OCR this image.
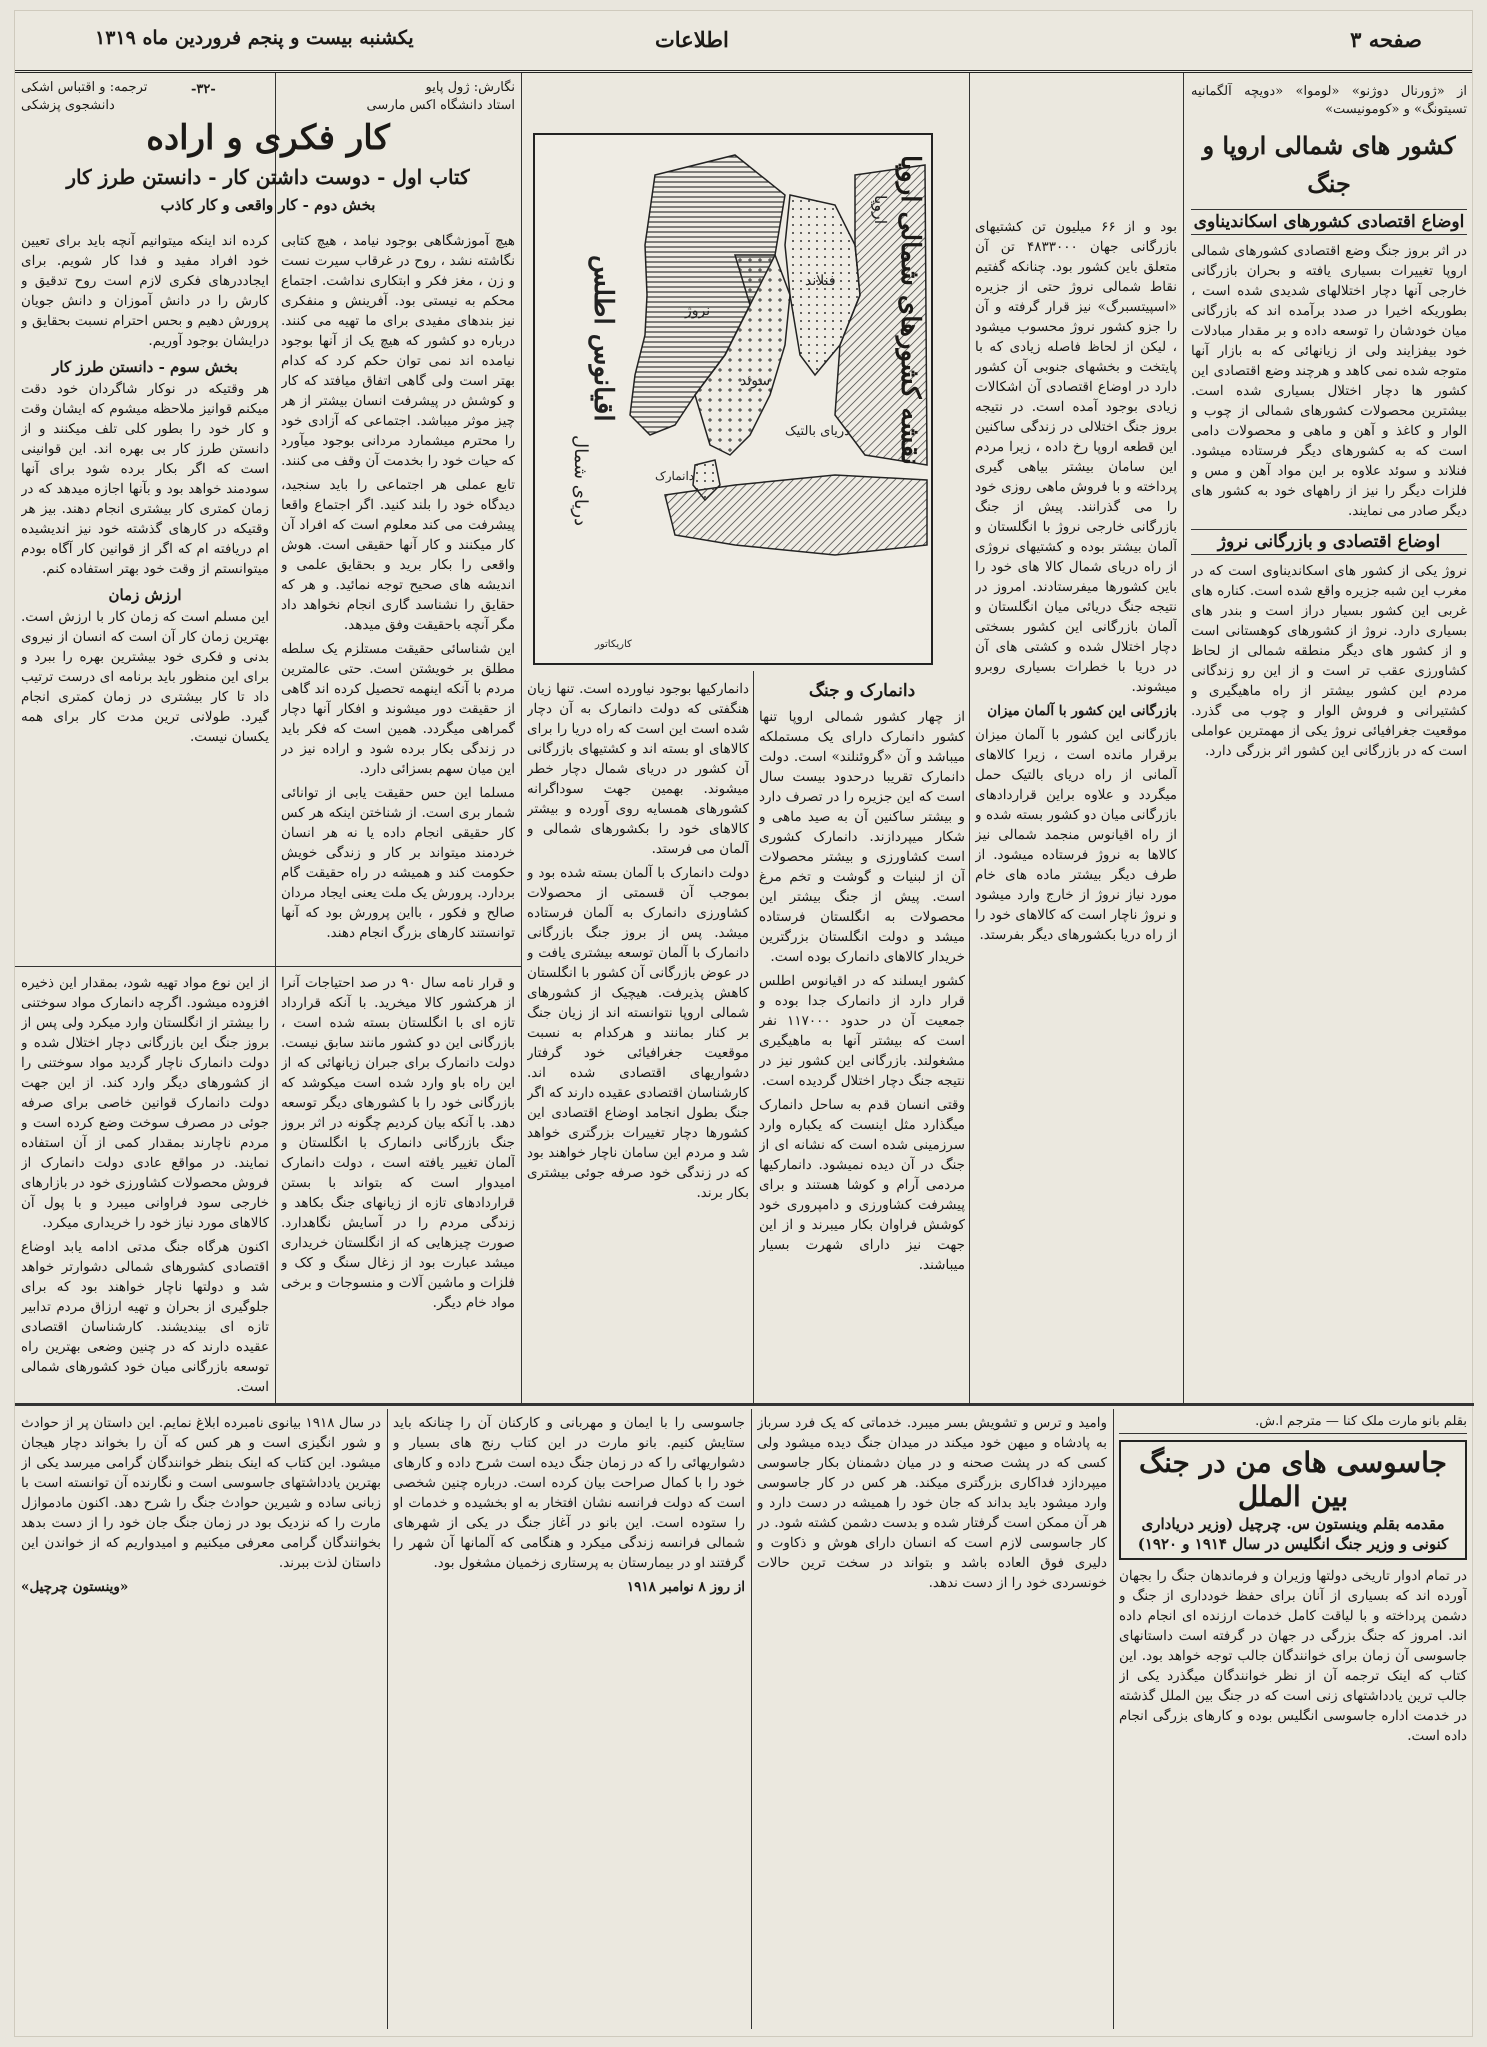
صفحه ۳
اطلاعات
یکشنبه بیست و پنجم فروردین ماه ۱۳۱۹
از «ژورنال دوژنو» «لوموا» «دویچه آلگمانیه تسیتونگ» و «کومونیست»
کشور های شمالی اروپا و جنگ
اوضاع اقتصادی کشورهای اسکاندیناوی

در اثر بروز جنگ وضع اقتصادی کشورهای شمالی اروپا تغییرات بسیاری یافته و بحران بازرگانی خارجی آنها دچار اختلالهای شدیدی شده است ، بطوریکه اخیرا در صدد برآمده اند که بازرگانی میان خودشان را توسعه داده و بر مقدار مبادلات خود بیفزایند ولی از زیانهائی که به بازار آنها متوجه شده نمی کاهد و هرچند وضع اقتصادی این کشور ها دچار اختلال بسیاری شده است. بیشترین محصولات کشورهای شمالی از چوب و الوار و کاغذ و آهن و ماهی و محصولات دامی است که به کشورهای دیگر فرستاده میشود. فنلاند و سوئد علاوه بر این مواد آهن و مس و فلزات دیگر را نیز از راههای خود به کشور های دیگر صادر می نمایند.

اوضاع اقتصادی و بازرگانی نروژ

نروژ یکی از کشور های اسکاندیناوی است که در مغرب این شبه جزیره واقع شده است. کناره های غربی این کشور بسیار دراز است و بندر های بسیاری دارد. نروژ از کشورهای کوهستانی است و از کشور های دیگر منطقه شمالی از لحاظ کشاورزی عقب تر است و از این رو زندگانی مردم این کشور بیشتر از راه ماهیگیری و کشتیرانی و فروش الوار و چوب می گذرد. موقعیت جغرافیائی نروژ یکی از مهمترین عواملی است که در بازرگانی این کشور اثر بزرگی دارد.

بود و از ۶۶ میلیون تن کشتیهای بازرگانی جهان ۴۸۳۳۰۰۰ تن آن متعلق باین کشور بود. چنانکه گفتیم نقاط شمالی نروژ حتی از جزیره «اسپیتسبرگ» نیز قرار گرفته و آن را جزو کشور نروژ محسوب میشود ، لیکن از لحاظ فاصله زیادی که با پایتخت و بخشهای جنوبی آن کشور دارد در اوضاع اقتصادی آن اشکالات زیادی بوجود آمده است. در نتیجه بروز جنگ اختلالی در زندگی ساکنین این قطعه اروپا رخ داده ، زیرا مردم این سامان بیشتر بیاهی گیری پرداخته و با فروش ماهی روزی خود را می گذرانند. پیش از جنگ بازرگانی خارجی نروژ با انگلستان و آلمان بیشتر بوده و کشتیهای نروژی از راه دریای شمال کالا های خود را باین کشورها میفرستادند. امروز در نتیجه جنگ دریائی میان انگلستان و آلمان بازرگانی این کشور بسختی دچار اختلال شده و کشتی های آن در دریا با خطرات بسیاری روبرو میشوند.

بازرگانی این کشور با آلمان میزان

بازرگانی این کشور با آلمان میزان برقرار مانده است ، زیرا کالاهای آلمانی از راه دریای بالتیک حمل میگردد و علاوه براین قراردادهای بازرگانی میان دو کشور بسته شده و از راه اقیانوس منجمد شمالی نیز کالاها به نروژ فرستاده میشود. از طرف دیگر بیشتر ماده های خام مورد نیاز نروژ از خارج وارد میشود و نروژ ناچار است که کالاهای خود را از راه دریا بکشورهای دیگر بفرستد.

اقیانوس اطلس
دریای شمال
نروژ
سوئد
فنلاند
دریای بالتیک
دانمارک
اروپا
کاریکاتور
نقشه کشورهای شمالی اروپا
دانمارک و جنگ

از چهار کشور شمالی اروپا تنها کشور دانمارک دارای یک مستملکه میباشد و آن «گروئنلند» است. دولت دانمارک تقریبا درحدود بیست سال است که این جزیره را در تصرف دارد و بیشتر ساکنین آن به صید ماهی و شکار میپردازند. دانمارک کشوری است کشاورزی و بیشتر محصولات آن از لبنیات و گوشت و تخم مرغ است. پیش از جنگ بیشتر این محصولات به انگلستان فرستاده میشد و دولت انگلستان بزرگترین خریدار کالاهای دانمارک بوده است.

کشور ایسلند که در اقیانوس اطلس قرار دارد از دانمارک جدا بوده و جمعیت آن در حدود ۱۱۷۰۰۰ نفر است که بیشتر آنها به ماهیگیری مشغولند. بازرگانی این کشور نیز در نتیجه جنگ دچار اختلال گردیده است.

وقتی انسان قدم به ساحل دانمارک میگذارد مثل اینست که یکباره وارد سرزمینی شده است که نشانه ای از جنگ در آن دیده نمیشود. دانمارکیها مردمی آرام و کوشا هستند و برای پیشرفت کشاورزی و دامپروری خود کوشش فراوان بکار میبرند و از این جهت نیز دارای شهرت بسیار میباشند.

دانمارکیها بوجود نیاورده است. تنها زیان هنگفتی که دولت دانمارک به آن دچار شده است این است که راه دریا را برای کالاهای او بسته اند و کشتیهای بازرگانی آن کشور در دریای شمال دچار خطر میشوند. بهمین جهت سوداگرانه کشورهای همسایه روی آورده و بیشتر کالاهای خود را بکشورهای شمالی و آلمان می فرستد.

دولت دانمارک با آلمان بسته شده بود و بموجب آن قسمتی از محصولات کشاورزی دانمارک به آلمان فرستاده میشد. پس از بروز جنگ بازرگانی دانمارک با آلمان توسعه بیشتری یافت و در عوض بازرگانی آن کشور با انگلستان کاهش پذیرفت. هیچیک از کشورهای شمالی اروپا نتوانسته اند از زیان جنگ بر کنار بمانند و هرکدام به نسبت موقعیت جغرافیائی خود گرفتار دشواریهای اقتصادی شده اند. کارشناسان اقتصادی عقیده دارند که اگر جنگ بطول انجامد اوضاع اقتصادی این کشورها دچار تغییرات بزرگتری خواهد شد و مردم این سامان ناچار خواهند بود که در زندگی خود صرفه جوئی بیشتری بکار برند.

نگارش: ژول پایو
استاد دانشگاه اکس مارسی
-۳۲-
ترجمه: و اقتباس اشکی
دانشجوی پزشکی
کار فکری و اراده
کتاب اول - دوست داشتن کار - دانستن طرز کار
بخش دوم - کار واقعی و کار کاذب

هیچ آموزشگاهی بوجود نیامد ، هیچ کتابی نگاشته نشد ، روح در غرقاب سیرت نست و زن ، مغز فکر و ابتکاری نداشت. اجتماع محکم به نیستی بود. آفرینش و منفکری نیز بندهای مفیدی برای ما تهیه می کنند. درباره دو کشور که هیچ یک از آنها بوجود نیامده اند نمی توان حکم کرد که کدام بهتر است ولی گاهی اتفاق میافتد که کار و کوشش در پیشرفت انسان بیشتر از هر چیز موثر میباشد. اجتماعی که آزادی خود را محترم میشمارد مردانی بوجود میآورد که حیات خود را بخدمت آن وقف می کنند.

تابع عملی هر اجتماعی را باید سنجید، دیدگاه خود را بلند کنید. اگر اجتماع واقعا پیشرفت می کند معلوم است که افراد آن کار میکنند و کار آنها حقیقی است. هوش واقعی را بکار برید و بحقایق علمی و اندیشه های صحیح توجه نمائید. و هر که حقایق را نشناسد گاری انجام نخواهد داد مگر آنچه باحقیقت وفق میدهد.

این شناسائی حقیقت مستلزم یک سلطه مطلق بر خویشتن است. حتی عالمترین مردم با آنکه اینهمه تحصیل کرده اند گاهی از حقیقت دور میشوند و افکار آنها دچار گمراهی میگردد. همین است که فکر باید در زندگی بکار برده شود و اراده نیز در این میان سهم بسزائی دارد.

مسلما این حس حقیقت یابی از توانائی شمار بری است. از شناختن اینکه هر کس کار حقیقی انجام داده یا نه هر انسان خردمند میتواند بر کار و زندگی خویش حکومت کند و همیشه در راه حقیقت گام بردارد. پرورش یک ملت یعنی ایجاد مردان صالح و فکور ، بااین پرورش بود که آنها توانستند کارهای بزرگ انجام دهند.

کرده اند اینکه میتوانیم آنچه باید برای تعیین خود افراد مفید و فدا کار شویم. برای ایجاددرهای فکری لازم است روح تدقیق و کارش را در دانش آموزان و دانش جویان پرورش دهیم و بحس احترام نسبت بحقایق و درایشان بوجود آوریم.

بخش سوم - دانستن طرز کار

هر وقتیکه در نوکار شاگردان خود دقت میکنم قوانیز ملاحظه میشوم که ایشان وقت و کار خود را بطور کلی تلف میکنند و از دانستن طرز کار بی بهره اند. این قوانینی است که اگر بکار برده شود برای آنها سودمند خواهد بود و بآنها اجازه میدهد که در زمان کمتری کار بیشتری انجام دهند. بیز هر وقتیکه در کارهای گذشته خود نیز اندیشیده ام دریافته ام که اگر از قوانین کار آگاه بودم میتوانستم از وقت خود بهتر استفاده کنم.

ارزش زمان

این مسلم است که زمان کار با ارزش است. بهترین زمان کار آن است که انسان از نیروی بدنی و فکری خود بیشترین بهره را ببرد و برای این منظور باید برنامه ای درست ترتیب داد تا کار بیشتری در زمان کمتری انجام گیرد. طولانی ترین مدت کار برای همه یکسان نیست.

و قرار نامه سال ۹۰ در صد احتیاجات آنرا از هرکشور کالا میخرید. با آنکه قرارداد تازه ای با انگلستان بسته شده است ، بازرگانی این دو کشور مانند سابق نیست. دولت دانمارک برای جبران زیانهائی که از این راه باو وارد شده است میکوشد که بازرگانی خود را با کشورهای دیگر توسعه دهد. با آنکه بیان کردیم چگونه در اثر بروز جنگ بازرگانی دانمارک با انگلستان و آلمان تغییر یافته است ، دولت دانمارک امیدوار است که بتواند با بستن قراردادهای تازه از زیانهای جنگ بکاهد و زندگی مردم را در آسایش نگاهدارد. صورت چیزهایی که از انگلستان خریداری میشد عبارت بود از زغال سنگ و کک و فلزات و ماشین آلات و منسوجات و برخی مواد خام دیگر.

از این نوع مواد تهیه شود، بمقدار این ذخیره افزوده میشود. اگرچه دانمارک مواد سوختنی را بیشتر از انگلستان وارد میکرد ولی پس از بروز جنگ این بازرگانی دچار اختلال شده و دولت دانمارک ناچار گردید مواد سوختنی را از کشورهای دیگر وارد کند. از این جهت دولت دانمارک قوانین خاصی برای صرفه جوئی در مصرف سوخت وضع کرده است و مردم ناچارند بمقدار کمی از آن استفاده نمایند. در مواقع عادی دولت دانمارک از فروش محصولات کشاورزی خود در بازارهای خارجی سود فراوانی میبرد و با پول آن کالاهای مورد نیاز خود را خریداری میکرد.

اکنون هرگاه جنگ مدتی ادامه یابد اوضاع اقتصادی کشورهای شمالی دشوارتر خواهد شد و دولتها ناچار خواهند بود که برای جلوگیری از بحران و تهیه ارزاق مردم تدابیر تازه ای بیندیشند. کارشناسان اقتصادی عقیده دارند که در چنین وضعی بهترین راه توسعه بازرگانی میان خود کشورهای شمالی است.

بقلم بانو مارت ملک کنا — مترجم ا.ش.
جاسوسی های من در جنگ بین الملل
مقدمه بقلم وینستون س. چرچیل (وزیر دریاداری کنونی و وزیر جنگ انگلیس در سال ۱۹۱۴ و ۱۹۲۰)

در تمام ادوار تاریخی دولتها وزیران و فرماندهان جنگ را بجهان آورده اند که بسیاری از آنان برای حفظ خودداری از جنگ و دشمن پرداخته و با لیاقت کامل خدمات ارزنده ای انجام داده اند. امروز که جنگ بزرگی در جهان در گرفته است داستانهای جاسوسی آن زمان برای خوانندگان جالب توجه خواهد بود. این کتاب که اینک ترجمه آن از نظر خوانندگان میگذرد یکی از جالب ترین یادداشتهای زنی است که در جنگ بین الملل گذشته در خدمت اداره جاسوسی انگلیس بوده و کارهای بزرگی انجام داده است.

وامید و ترس و تشویش بسر میبرد. خدماتی که یک فرد سرباز به پادشاه و میهن خود میکند در میدان جنگ دیده میشود ولی کسی که در پشت صحنه و در میان دشمنان بکار جاسوسی میپردازد فداکاری بزرگتری میکند. هر کس در کار جاسوسی وارد میشود باید بداند که جان خود را همیشه در دست دارد و هر آن ممکن است گرفتار شده و بدست دشمن کشته شود. در کار جاسوسی لازم است که انسان دارای هوش و ذکاوت و دلیری فوق العاده باشد و بتواند در سخت ترین حالات خونسردی خود را از دست ندهد.

جاسوسی را با ایمان و مهربانی و کارکنان آن را چنانکه باید ستایش کنیم. بانو مارت در این کتاب رنج های بسیار و دشواریهائی را که در زمان جنگ دیده است شرح داده و کارهای خود را با کمال صراحت بیان کرده است. درباره چنین شخصی است که دولت فرانسه نشان افتخار به او بخشیده و خدمات او را ستوده است. این بانو در آغاز جنگ در یکی از شهرهای شمالی فرانسه زندگی میکرد و هنگامی که آلمانها آن شهر را گرفتند او در بیمارستان به پرستاری زخمیان مشغول بود.

از روز ۸ نوامبر ۱۹۱۸

در سال ۱۹۱۸ بیانوی نامبرده ابلاغ نمایم. این داستان پر از حوادث و شور انگیزی است و هر کس که آن را بخواند دچار هیجان میشود. این کتاب که اینک بنظر خوانندگان گرامی میرسد یکی از بهترین یادداشتهای جاسوسی است و نگارنده آن توانسته است با زبانی ساده و شیرین حوادث جنگ را شرح دهد. اکنون مادموازل مارت را که نزدیک بود در زمان جنگ جان خود را از دست بدهد بخوانندگان گرامی معرفی میکنیم و امیدواریم که از خواندن این داستان لذت ببرند.

«وینستون چرچیل»
